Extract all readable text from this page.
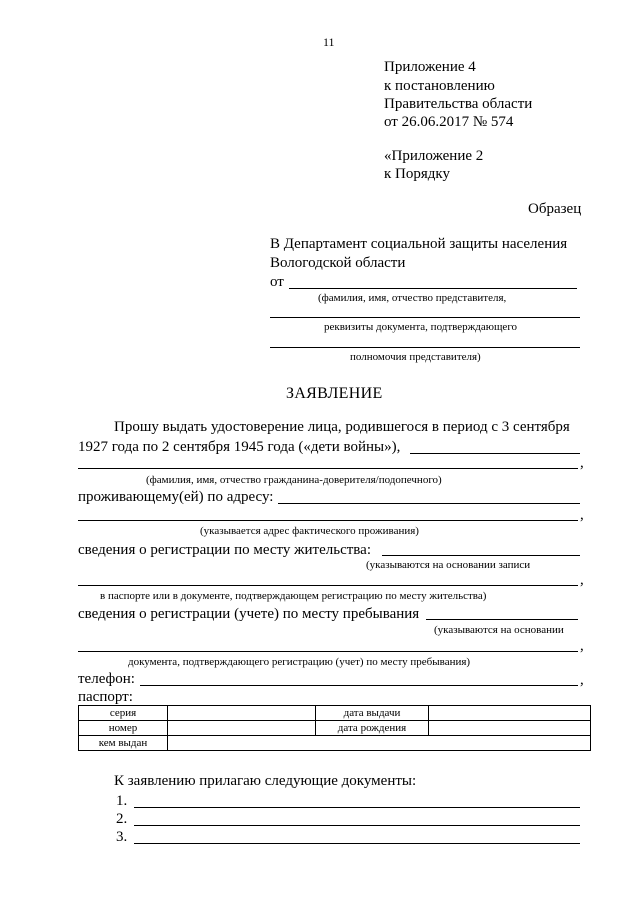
11
Приложение 4
к постановлению
Правительства области
от 26.06.2017 № 574
«Приложение 2
к Порядку
Образец
В Департамент социальной защиты населения
Вологодской области
от
(фамилия, имя, отчество представителя,
реквизиты документа, подтверждающего
полномочия представителя)
ЗАЯВЛЕНИЕ
Прошу выдать удостоверение лица, родившегося в период с 3 сентября
1927 года по 2 сентября 1945 года («дети войны»),
,
(фамилия, имя, отчество гражданина-доверителя/подопечного)
проживающему(ей) по адресу:
,
(указывается адрес фактического проживания)
сведения о регистрации по месту жительства:
(указываются на основании записи
,
в паспорте или в документе, подтверждающем регистрацию по месту жительства)
сведения о регистрации (учете) по месту пребывания
(указываются на основании
,
документа, подтверждающего регистрацию (учет) по месту пребывания)
телефон:	,
паспорт:
серия		дата выдачи	
номер		дата рождения	
кем выдан			
К заявлению прилагаю следующие документы:
1.
2.
3.
